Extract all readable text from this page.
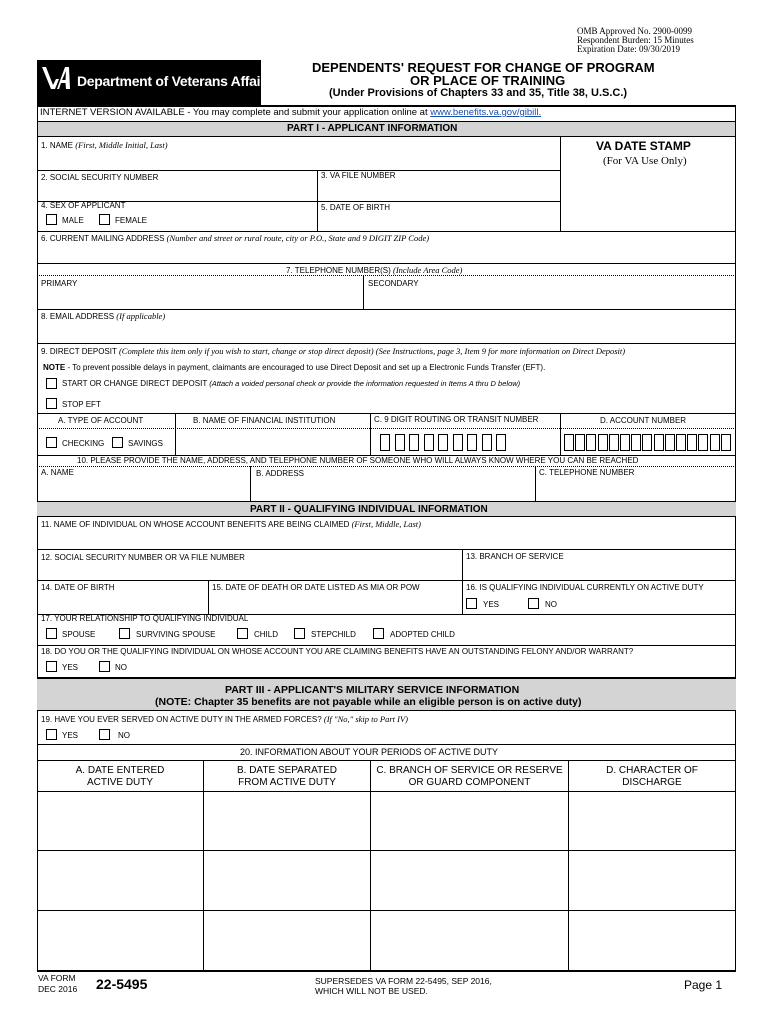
OMB Approved No. 2900-0099
Respondent Burden: 15 Minutes
Expiration Date: 09/30/2019
Department of Veterans Affairs
DEPENDENTS' REQUEST FOR CHANGE OF PROGRAM
OR PLACE OF TRAINING
(Under Provisions of Chapters 33 and 35, Title 38, U.S.C.)
INTERNET VERSION AVAILABLE - You may complete and submit your application online at www.benefits.va.gov/gibill.
PART I - APPLICANT INFORMATION
1. NAME (First, Middle Initial, Last)	VA DATE STAMP
(For VA Use Only)
2. SOCIAL SECURITY NUMBER	3. VA FILE NUMBER
4. SEX OF APPLICANT
MALE	FEMALE
5. DATE OF BIRTH
6. CURRENT MAILING ADDRESS (Number and street or rural route, city or P.O., State and 9 DIGIT ZIP Code)
7. TELEPHONE NUMBER(S) (Include Area Code)
PRIMARY	SECONDARY
8. EMAIL ADDRESS (If applicable)
9. DIRECT DEPOSIT (Complete this item only if you wish to start, change or stop direct deposit) (See Instructions, page 3, Item 9 for more information on Direct Deposit)
NOTE - To prevent possible delays in payment, claimants are encouraged to use Direct Deposit and set up a Electronic Funds Transfer (EFT).
START OR CHANGE DIRECT DEPOSIT (Attach a voided personal check or provide the information requested in Items A thru D below)
STOP EFT
A. TYPE OF ACCOUNT	B. NAME OF FINANCIAL INSTITUTION	C. 9 DIGIT ROUTING OR TRANSIT NUMBER	D. ACCOUNT NUMBER
CHECKING	SAVINGS
10. PLEASE PROVIDE THE NAME, ADDRESS, AND TELEPHONE NUMBER OF SOMEONE WHO WILL ALWAYS KNOW WHERE YOU CAN BE REACHED
A. NAME	B. ADDRESS	C. TELEPHONE NUMBER
PART II - QUALIFYING INDIVIDUAL INFORMATION
11. NAME OF INDIVIDUAL ON WHOSE ACCOUNT BENEFITS ARE BEING CLAIMED (First, Middle, Last)
12. SOCIAL SECURITY NUMBER OR VA FILE NUMBER	13. BRANCH OF SERVICE
14. DATE OF BIRTH	15. DATE OF DEATH OR DATE LISTED AS MIA OR POW	16. IS QUALIFYING INDIVIDUAL CURRENTLY ON ACTIVE DUTY
YES	NO
17. YOUR RELATIONSHIP TO QUALIFYING INDIVIDUAL
SPOUSE	SURVIVING SPOUSE	CHILD	STEPCHILD	ADOPTED CHILD
18. DO YOU OR THE QUALIFYING INDIVIDUAL ON WHOSE ACCOUNT YOU ARE CLAIMING BENEFITS HAVE AN OUTSTANDING FELONY AND/OR WARRANT?
YES	NO
PART III - APPLICANT'S MILITARY SERVICE INFORMATION
(NOTE: Chapter 35 benefits are not payable while an eligible person is on active duty)
19. HAVE YOU EVER SERVED ON ACTIVE DUTY IN THE ARMED FORCES? (If "No," skip to Part IV)
YES	NO
20. INFORMATION ABOUT YOUR PERIODS OF ACTIVE DUTY
A. DATE ENTERED
ACTIVE DUTY
B. DATE SEPARATED
FROM ACTIVE DUTY
C. BRANCH OF SERVICE OR RESERVE
OR GUARD COMPONENT
D. CHARACTER OF
DISCHARGE
VA FORM
DEC 2016 22-5495	SUPERSEDES VA FORM 22-5495, SEP 2016,
WHICH WILL NOT BE USED.	Page 1
